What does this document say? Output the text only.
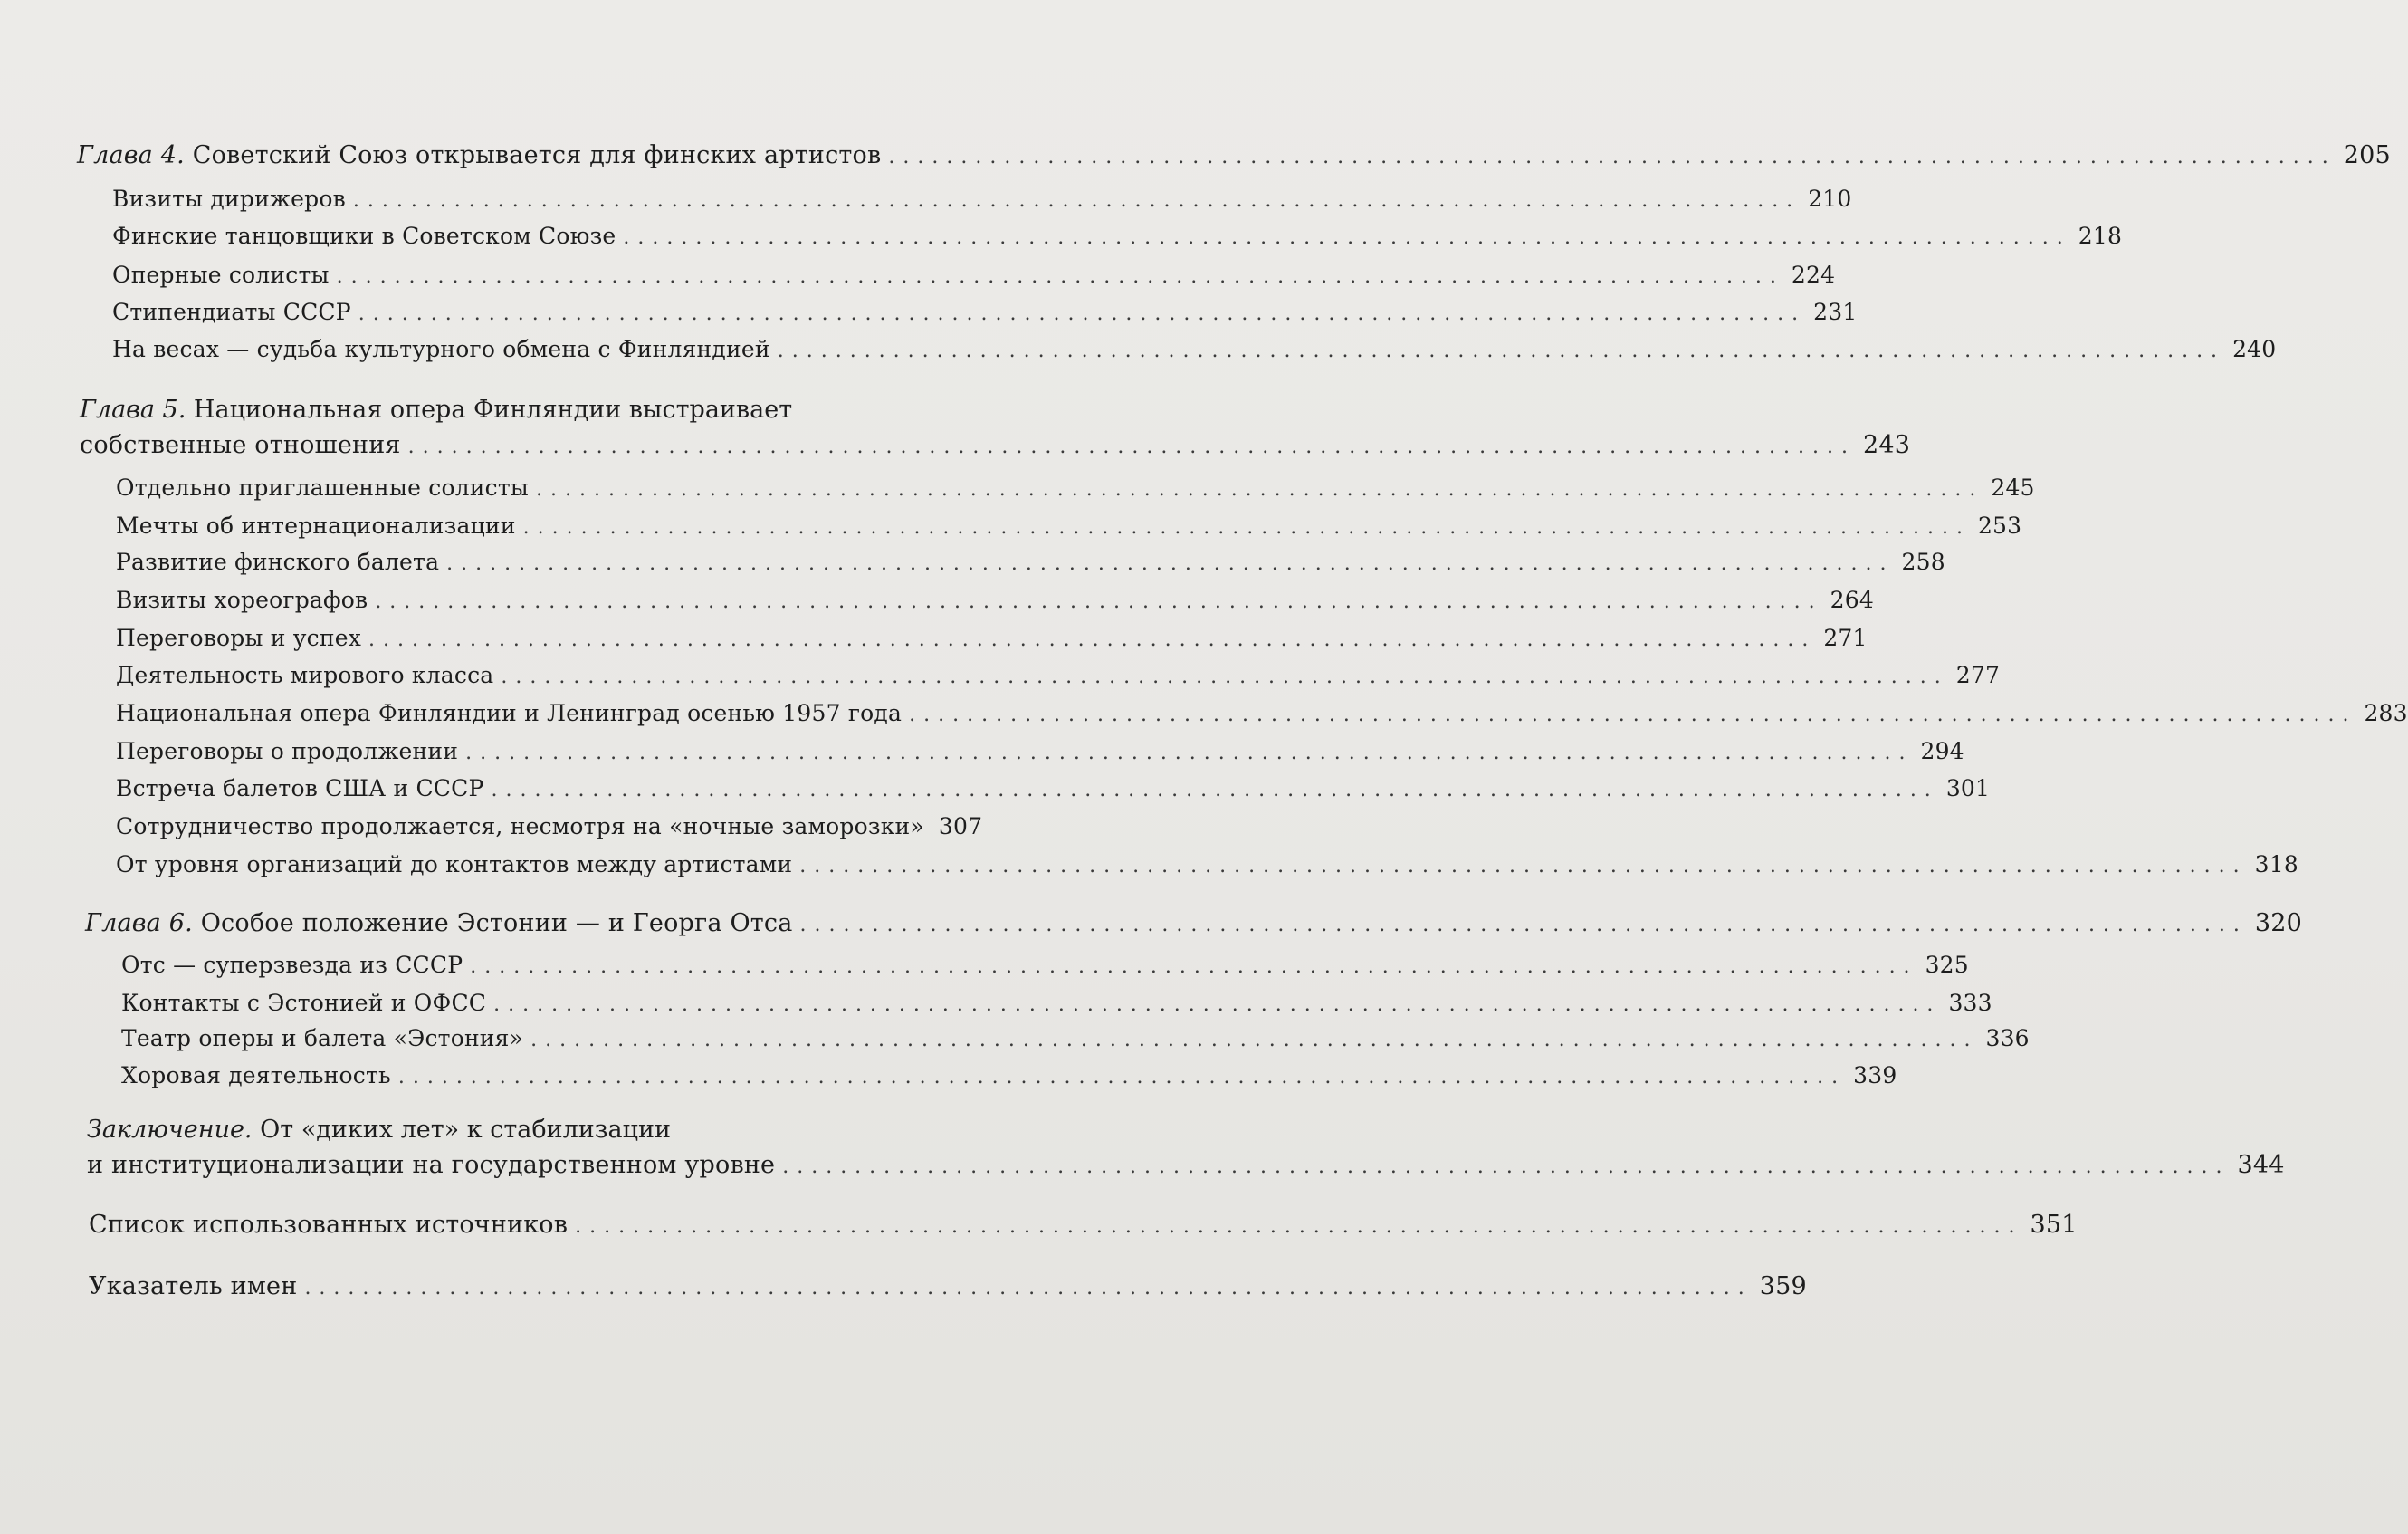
Глава 4. Советский Союз открывается для финских артистов .................................................................................................... 205
Визиты дирижеров .................................................................................................... 210
Финские танцовщики в Советском Союзе .................................................................................................... 218
Оперные солисты .................................................................................................... 224
Стипендиаты СССР .................................................................................................... 231
На весах — судьба культурного обмена с Финляндией .................................................................................................... 240
Глава 5. Национальная опера Финляндии выстраивает
собственные отношения .................................................................................................... 243
Отдельно приглашенные солисты .................................................................................................... 245
Мечты об интернационализации .................................................................................................... 253
Развитие финского балета .................................................................................................... 258
Визиты хореографов .................................................................................................... 264
Переговоры и успех .................................................................................................... 271
Деятельность мирового класса .................................................................................................... 277
Национальная опера Финляндии и Ленинград осенью 1957 года .................................................................................................... 283
Переговоры о продолжении .................................................................................................... 294
Встреча балетов США и СССР .................................................................................................... 301
Сотрудничество продолжается, несмотря на «ночные заморозки» 307
От уровня организаций до контактов между артистами .................................................................................................... 318
Глава 6. Особое положение Эстонии — и Георга Отса .................................................................................................... 320
Отс — суперзвезда из СССР .................................................................................................... 325
Контакты с Эстонией и ОФСС .................................................................................................... 333
Театр оперы и балета «Эстония» .................................................................................................... 336
Хоровая деятельность .................................................................................................... 339
Заключение. От «диких лет» к стабилизации
и институционализации на государственном уровне .................................................................................................... 344
Список использованных источников .................................................................................................... 351
Указатель имен .................................................................................................... 359
